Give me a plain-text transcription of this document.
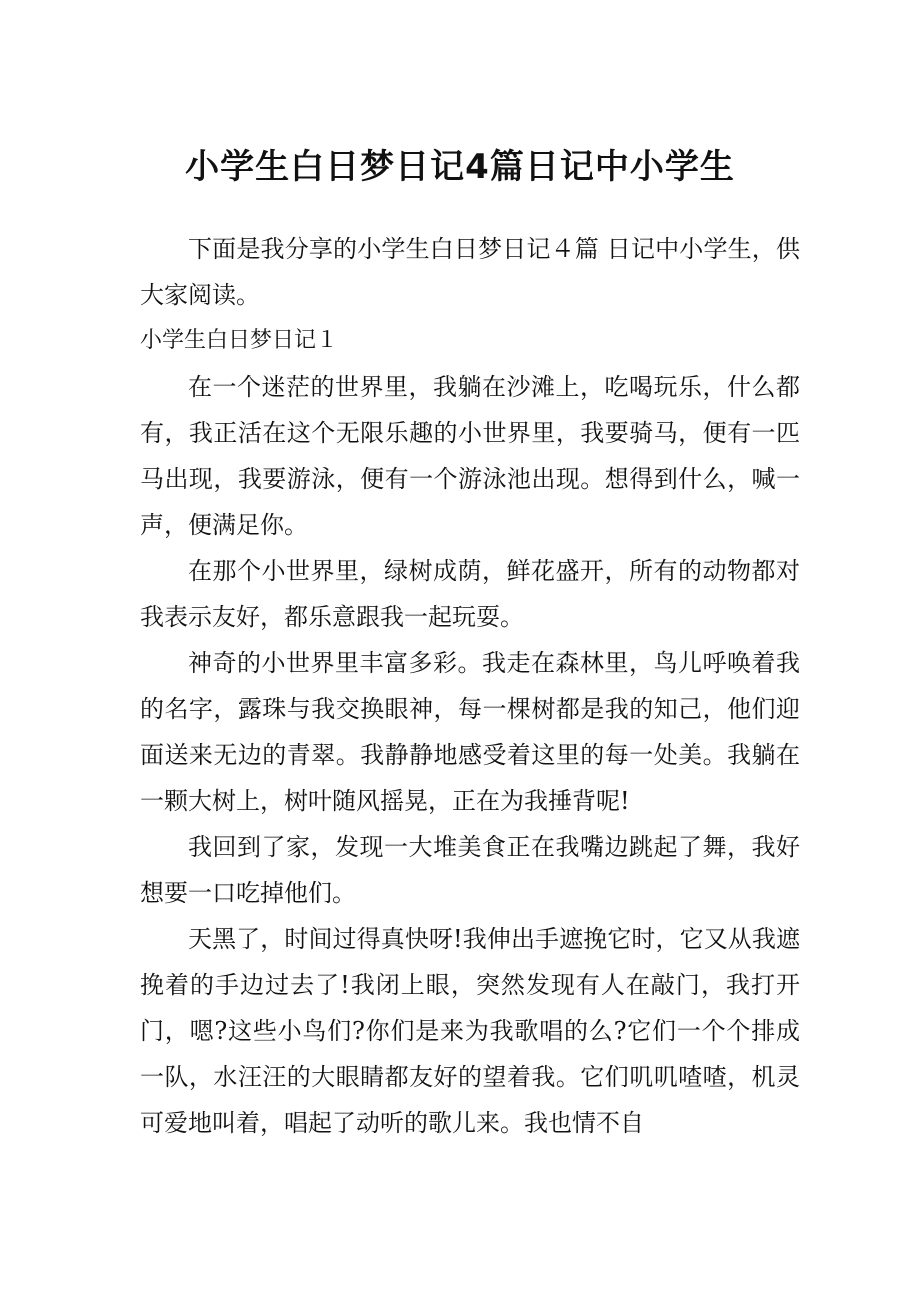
小学生白日梦日记4篇日记中小学生

下面是我分享的小学生白日梦日记４篇 日记中小学生，供大家阅读。

小学生白日梦日记１

在一个迷茫的世界里，我躺在沙滩上，吃喝玩乐，什么都有，我正活在这个无限乐趣的小世界里，我要骑马，便有一匹马出现，我要游泳，便有一个游泳池出现。想得到什么，喊一声，便满足你。

在那个小世界里，绿树成荫，鲜花盛开，所有的动物都对我表示友好，都乐意跟我一起玩耍。

神奇的小世界里丰富多彩。我走在森林里，鸟儿呼唤着我的名字，露珠与我交换眼神，每一棵树都是我的知己，他们迎面送来无边的青翠。我静静地感受着这里的每一处美。我躺在一颗大树上，树叶随风摇晃，正在为我捶背呢!

我回到了家，发现一大堆美食正在我嘴边跳起了舞，我好想要一口吃掉他们。

天黑了，时间过得真快呀!我伸出手遮挽它时，它又从我遮挽着的手边过去了!我闭上眼，突然发现有人在敲门，我打开门，嗯?这些小鸟们?你们是来为我歌唱的么?它们一个个排成一队，水汪汪的大眼睛都友好的望着我。它们叽叽喳喳，机灵可爱地叫着，唱起了动听的歌儿来。我也情不自
